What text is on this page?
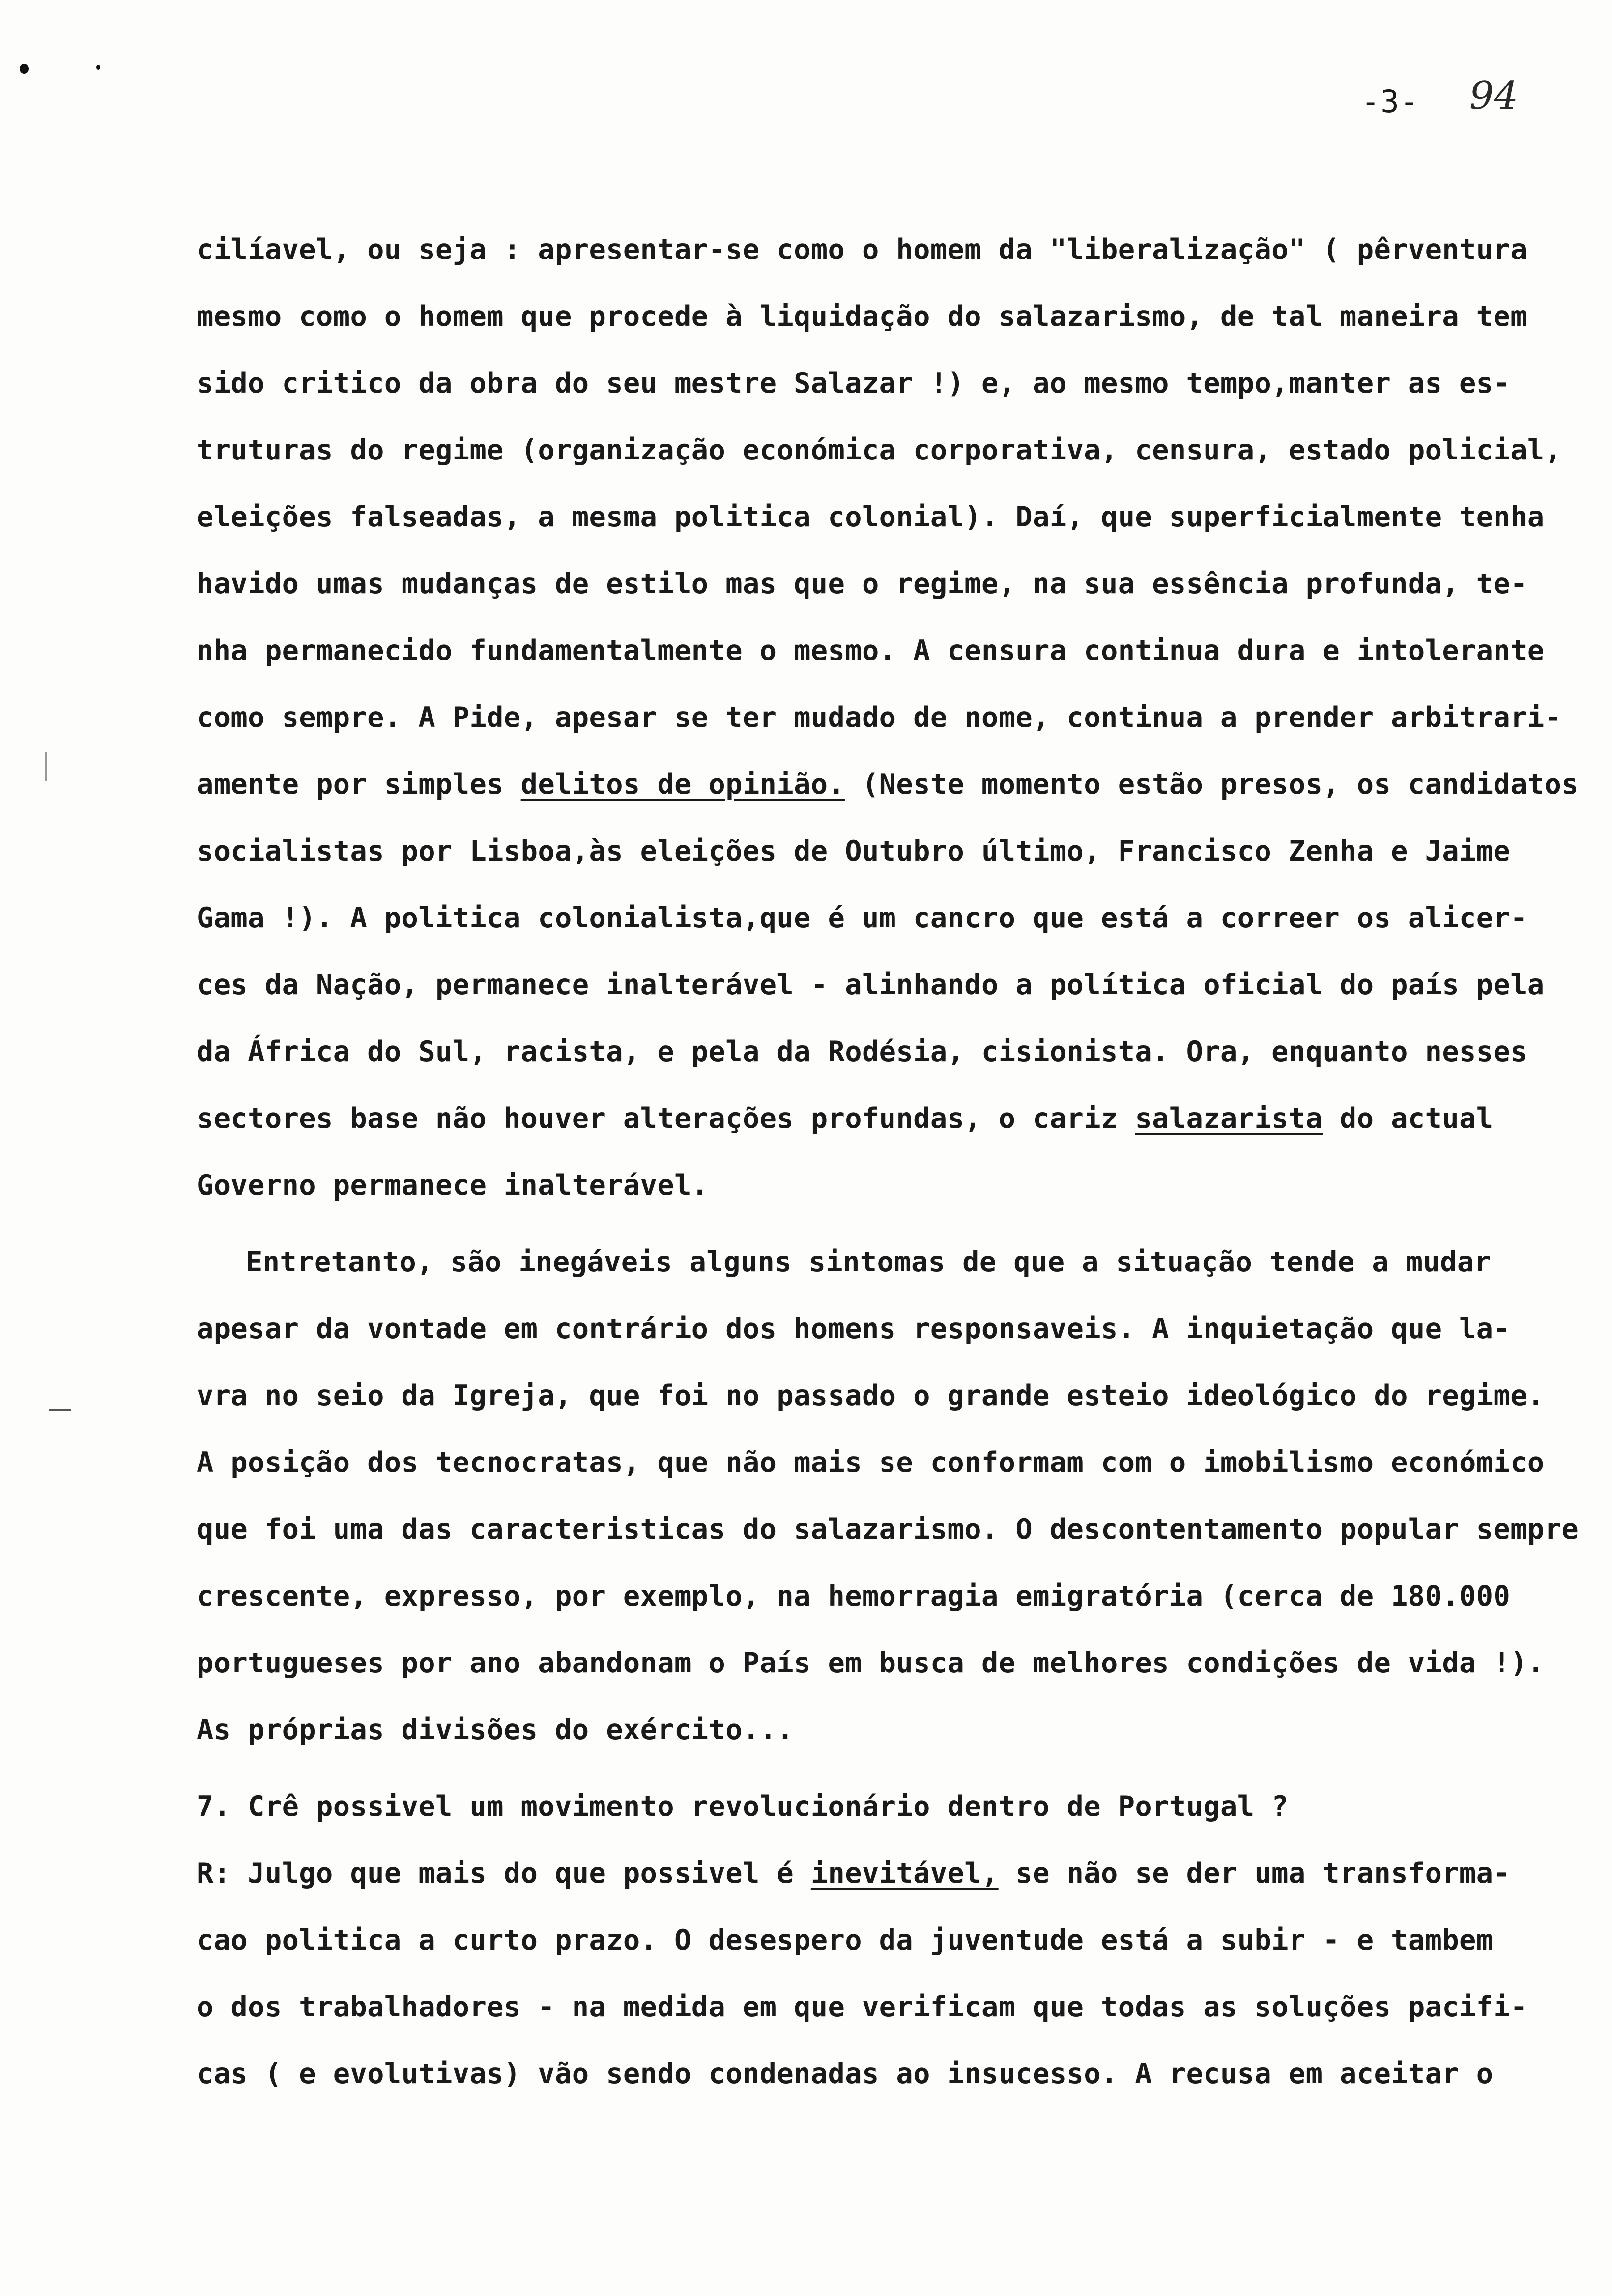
-3- 94
cilíavel, ou seja : apresentar-se como o homem da "liberalização" ( pêrventura
mesmo como o homem que procede à liquidação do salazarismo, de tal maneira tem
sido critico da obra do seu mestre Salazar !) e, ao mesmo tempo,manter as es-
truturas do regime (organização económica corporativa, censura, estado policial,
eleições falseadas, a mesma politica colonial). Daí, que superficialmente tenha
havido umas mudanças de estilo mas que o regime, na sua essência profunda, te-
nha permanecido fundamentalmente o mesmo. A censura continua dura e intolerante
como sempre. A Pide, apesar se ter mudado de nome, continua a prender arbitrari-
amente por simples delitos de opinião. (Neste momento estão presos, os candidatos
socialistas por Lisboa,às eleições de Outubro último, Francisco Zenha e Jaime
Gama !). A politica colonialista,que é um cancro que está a correer os alicer-
ces da Nação, permanece inalterável - alinhando a política oficial do país pela
da África do Sul, racista, e pela da Rodésia, cisionista. Ora, enquanto nesses
sectores base não houver alterações profundas, o cariz salazarista do actual
Governo permanece inalterável.
Entretanto, são inegáveis alguns sintomas de que a situação tende a mudar
apesar da vontade em contrário dos homens responsaveis. A inquietação que la-
vra no seio da Igreja, que foi no passado o grande esteio ideológico do regime.
A posição dos tecnocratas, que não mais se conformam com o imobilismo económico
que foi uma das caracteristicas do salazarismo. O descontentamento popular sempre
crescente, expresso, por exemplo, na hemorragia emigratória (cerca de 180.000
portugueses por ano abandonam o País em busca de melhores condições de vida !).
As próprias divisões do exército...
7. Crê possivel um movimento revolucionário dentro de Portugal ?
R: Julgo que mais do que possivel é inevitável, se não se der uma transforma-
cao politica a curto prazo. O desespero da juventude está a subir - e tambem
o dos trabalhadores - na medida em que verificam que todas as soluções pacifi-
cas ( e evolutivas) vão sendo condenadas ao insucesso. A recusa em aceitar o
